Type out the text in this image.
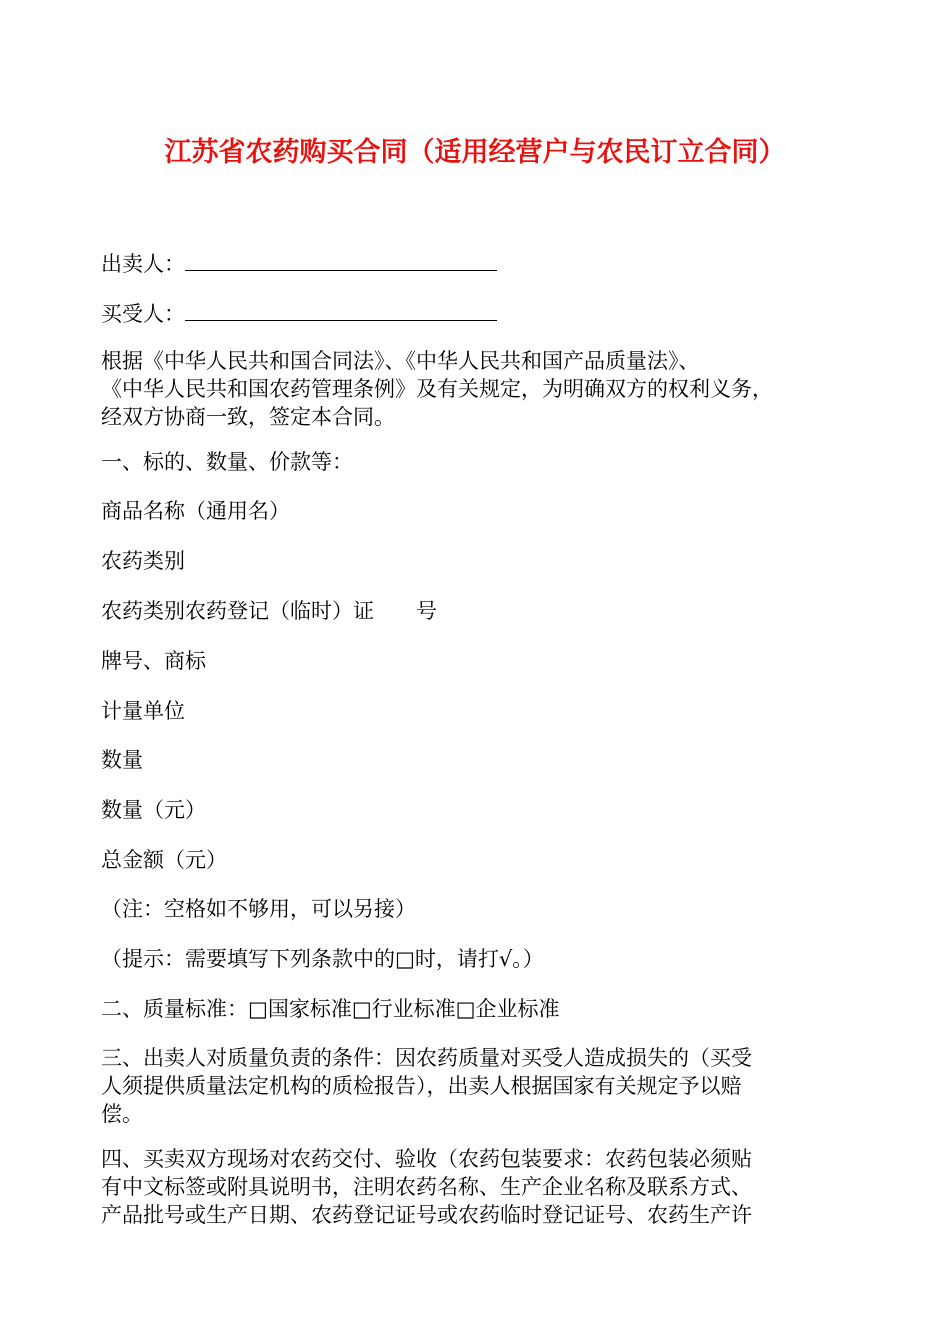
江苏省农药购买合同（适用经营户与农民订立合同）
出卖人：
买受人：
根据《中华人民共和国合同法》、《中华人民共和国产品质量法》、
《中华人民共和国农药管理条例》及有关规定，为明确双方的权利义务，
经双方协商一致，签定本合同。
一、标的、数量、价款等：
商品名称（通用名）
农药类别
农药类别农药登记（临时）证　　号
牌号、商标
计量单位
数量
数量（元）
总金额（元）
（注：空格如不够用，可以另接）
（提示：需要填写下列条款中的□时，请打√。）
二、质量标准：□国家标准□行业标准□企业标准
三、出卖人对质量负责的条件：因农药质量对买受人造成损失的（买受
人须提供质量法定机构的质检报告），出卖人根据国家有关规定予以赔
偿。
四、买卖双方现场对农药交付、验收（农药包装要求：农药包装必须贴
有中文标签或附具说明书，注明农药名称、生产企业名称及联系方式、
产品批号或生产日期、农药登记证号或农药临时登记证号、农药生产许
